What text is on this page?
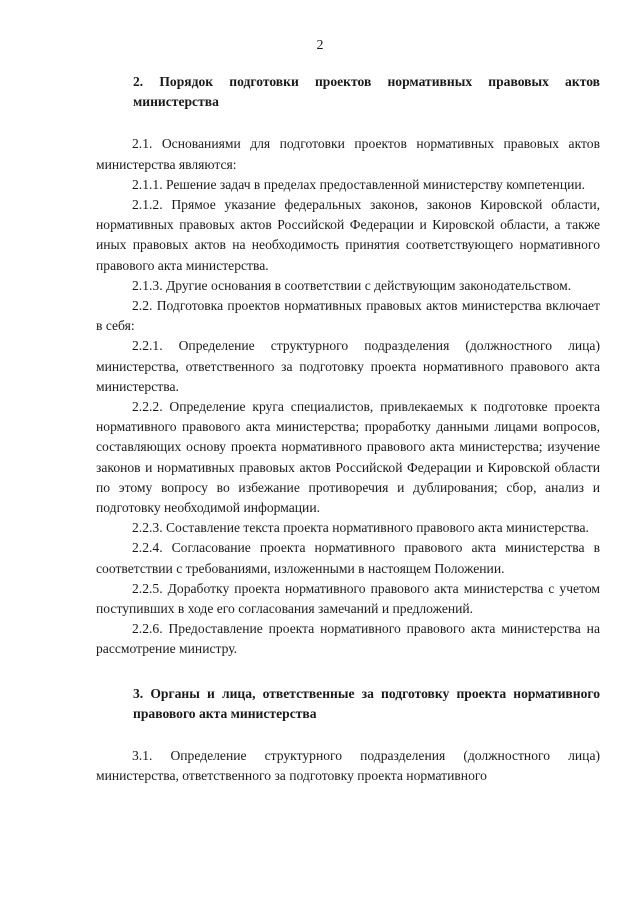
2
2. Порядок подготовки проектов нормативных правовых актов министерства

2.1. Основаниями для подготовки проектов нормативных правовых актов министерства являются:

2.1.1. Решение задач в пределах предоставленной министерству компетенции.

2.1.2. Прямое указание федеральных законов, законов Кировской области, нормативных правовых актов Российской Федерации и Кировской области, а также иных правовых актов на необходимость принятия соответствующего нормативного правового акта министерства.

2.1.3. Другие основания в соответствии с действующим законодательством.

2.2. Подготовка проектов нормативных правовых актов министерства включает в себя:

2.2.1. Определение структурного подразделения (должностного лица) министерства, ответственного за подготовку проекта нормативного правового акта министерства.

2.2.2. Определение круга специалистов, привлекаемых к подготовке проекта нормативного правового акта министерства; проработку данными лицами вопросов, составляющих основу проекта нормативного правового акта министерства; изучение законов и нормативных правовых актов Российской Федерации и Кировской области по этому вопросу во избежание противоречия и дублирования; сбор, анализ и подготовку необходимой информации.

2.2.3. Составление текста проекта нормативного правового акта министерства.

2.2.4. Согласование проекта нормативного правового акта министерства в соответствии с требованиями, изложенными в настоящем Положении.

2.2.5. Доработку проекта нормативного правового акта министерства с учетом поступивших в ходе его согласования замечаний и предложений.

2.2.6. Предоставление проекта нормативного правового акта министерства на рассмотрение министру.

3. Органы и лица, ответственные за подготовку проекта нормативного правового акта министерства

3.1. Определение структурного подразделения (должностного лица) министерства, ответственного за подготовку проекта нормативного
